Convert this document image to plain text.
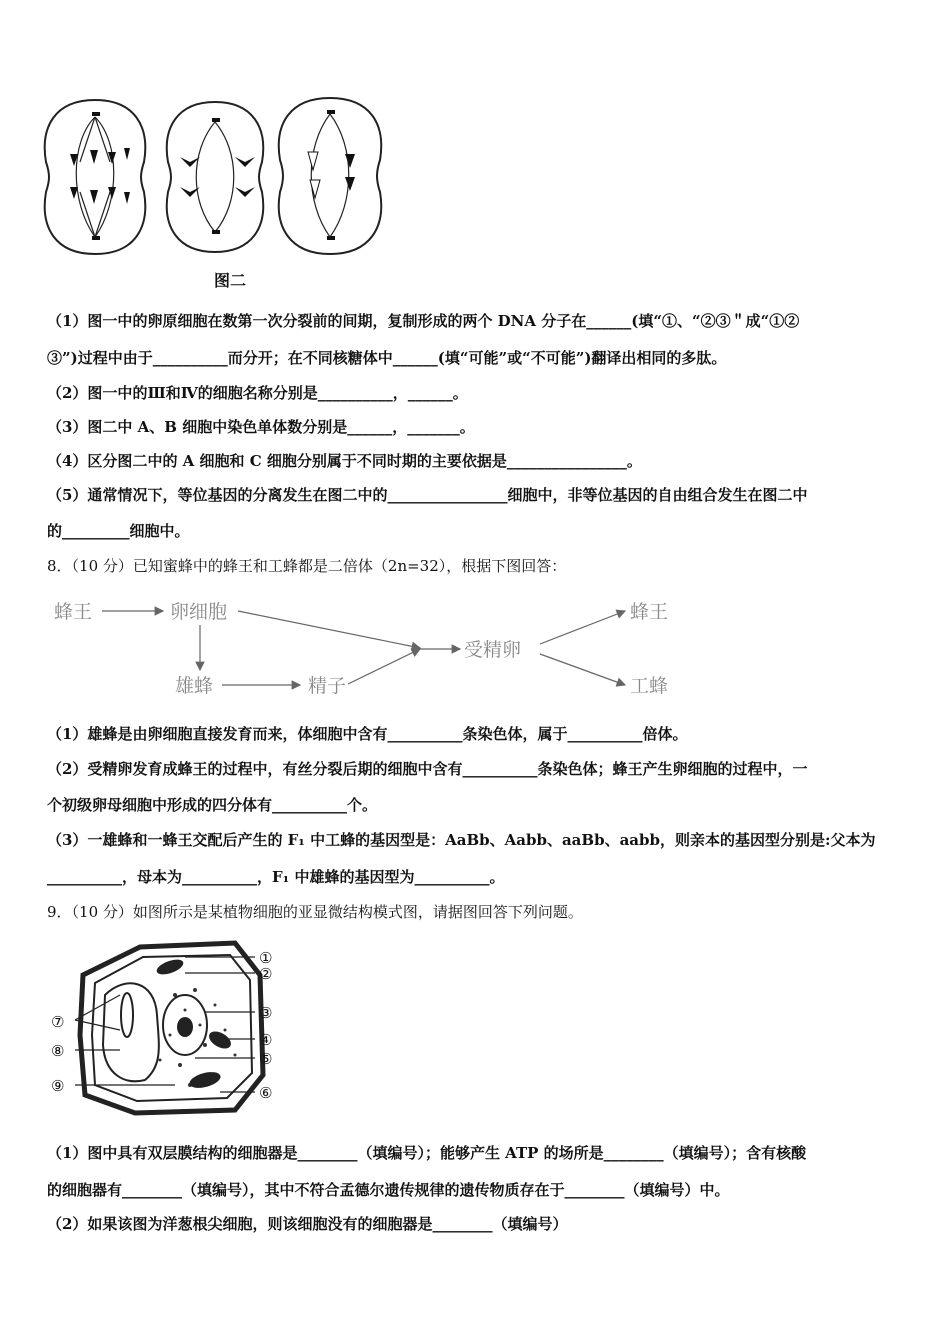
图二
（1）图一中的卵原细胞在数第一次分裂前的间期，复制形成的两个 DNA 分子在______(填“①、“②③＂成“①②
③”)过程中由于__________而分开；在不同核糖体中______(填“可能”或“不可能”)翻译出相同的多肽。
（2）图一中的Ⅲ和Ⅳ的细胞名称分别是__________，______。
（3）图二中 A、B 细胞中染色单体数分别是______，_______。
（4）区分图二中的 A 细胞和 C 细胞分别属于不同时期的主要依据是________________。
（5）通常情况下，等位基因的分离发生在图二中的________________细胞中，非等位基因的自由组合发生在图二中
的_________细胞中。
8．（10 分）已知蜜蜂中的蜂王和工蜂都是二倍体（2n=32），根据下图回答：
蜂王	卵细胞
雄蜂	精子
受精卵
蜂王
工蜂
（1）雄蜂是由卵细胞直接发育而来，体细胞中含有__________条染色体，属于__________倍体。
（2）受精卵发育成蜂王的过程中，有丝分裂后期的细胞中含有__________条染色体；蜂王产生卵细胞的过程中，一
个初级卵母细胞中形成的四分体有__________个。
（3）一雄蜂和一蜂王交配后产生的 F₁ 中工蜂的基因型是：AaBb、Aabb、aaBb、aabb，则亲本的基因型分别是:父本为
__________，母本为__________，F₁ 中雄蜂的基因型为__________。
9．（10 分）如图所示是某植物细胞的亚显微结构模式图，请据图回答下列问题。
①
②
③
④
⑤
⑥
⑦
⑧
⑨
（1）图中具有双层膜结构的细胞器是________（填编号）；能够产生 ATP 的场所是________（填编号）；含有核酸
的细胞器有________（填编号），其中不符合孟德尔遗传规律的遗传物质存在于________（填编号）中。
（2）如果该图为洋葱根尖细胞，则该细胞没有的细胞器是________（填编号）
